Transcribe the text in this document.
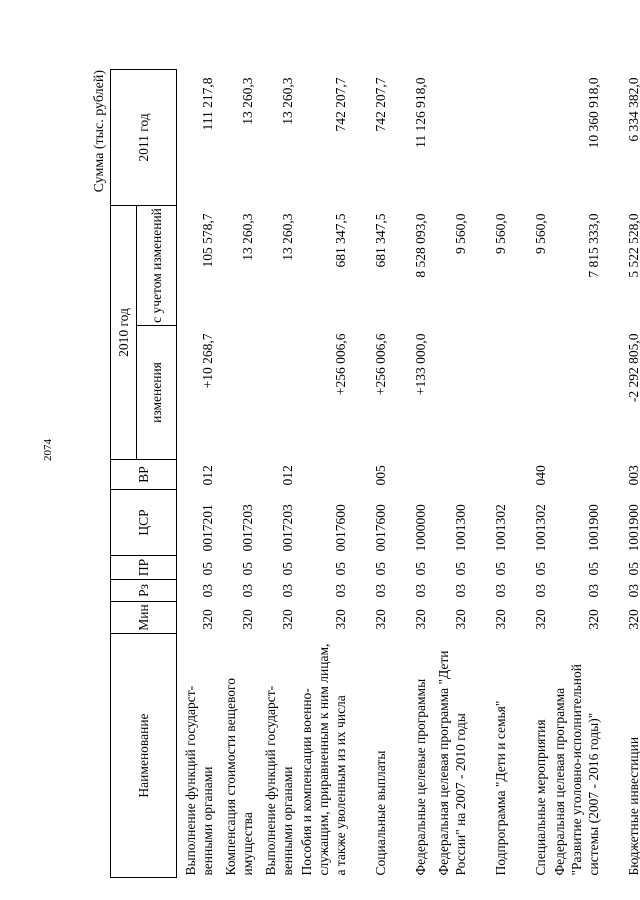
2074
Сумма (тыс. рублей)
Наименование	Мин	Рз	ПР	ЦСР	ВР	2010 год		2011 год
						изменения	с учетом изменений	
Выполнение функций государст-венными органами	320	03	05	0017201	012	+10 268,7	105 578,7	111 217,8
Компенсация стоимости вещевого имущества	320	03	05	0017203			13 260,3	13 260,3
Выполнение функций государст-венными органами	320	03	05	0017203	012		13 260,3	13 260,3
Пособия и компенсации военно-служащим, приравненным к ним лицам, а также уволенным из их числа	320	03	05	0017600		+256 006,6	681 347,5	742 207,7
Социальные выплаты	320	03	05	0017600	005	+256 006,6	681 347,5	742 207,7
Федеральные целевые программы	320	03	05	1000000		+133 000,0	8 528 093,0	11 126 918,0
Федеральная целевая программа "Дети России" на 2007 - 2010 годы	320	03	05	1001300			9 560,0	
Подпрограмма "Дети и семья"	320	03	05	1001302			9 560,0	
Специальные мероприятия	320	03	05	1001302	040		9 560,0	
Федеральная целевая программа "Развитие уголовно-исполнительной системы (2007 - 2016 годы)"	320	03	05	1001900			7 815 333,0	10 360 918,0
Бюджетные инвестиции	320	03	05	1001900	003	-2 292 805,0	5 522 528,0	6 334 382,0
